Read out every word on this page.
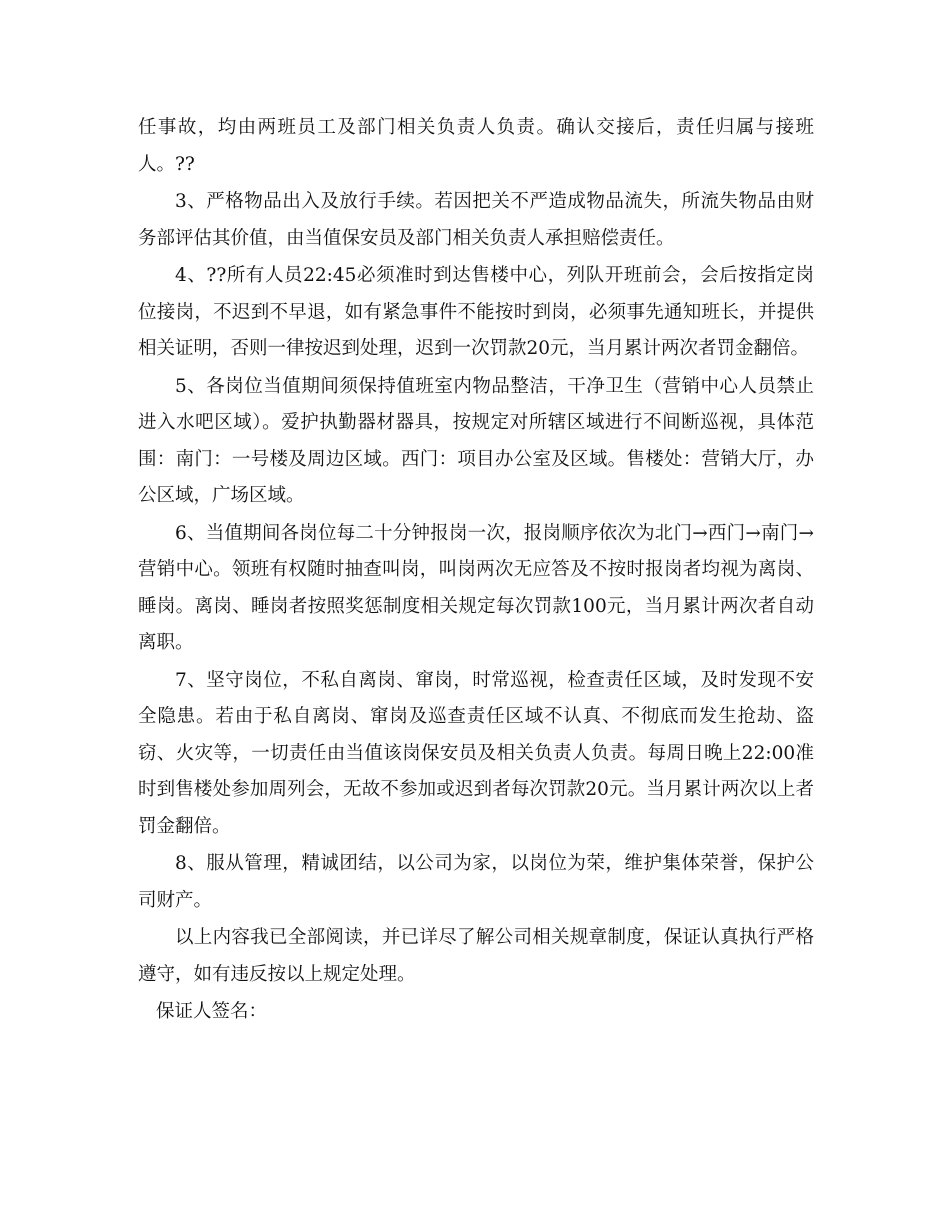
任事故，均由两班员工及部门相关负责人负责。确认交接后，责任归属与接班人。??

3、严格物品出入及放行手续。若因把关不严造成物品流失，所流失物品由财务部评估其价值，由当值保安员及部门相关负责人承担赔偿责任。

4、??所有人员22:45必须准时到达售楼中心，列队开班前会，会后按指定岗位接岗，不迟到不早退，如有紧急事件不能按时到岗，必须事先通知班长，并提供相关证明，否则一律按迟到处理，迟到一次罚款20元，当月累计两次者罚金翻倍。

5、各岗位当值期间须保持值班室内物品整洁，干净卫生（营销中心人员禁止进入水吧区域）。爱护执勤器材器具，按规定对所辖区域进行不间断巡视，具体范围：南门：一号楼及周边区域。西门：项目办公室及区域。售楼处：营销大厅，办公区域，广场区域。

6、当值期间各岗位每二十分钟报岗一次，报岗顺序依次为北门→西门→南门→营销中心。领班有权随时抽查叫岗，叫岗两次无应答及不按时报岗者均视为离岗、睡岗。离岗、睡岗者按照奖惩制度相关规定每次罚款100元，当月累计两次者自动离职。

7、坚守岗位，不私自离岗、窜岗，时常巡视，检查责任区域，及时发现不安全隐患。若由于私自离岗、窜岗及巡查责任区域不认真、不彻底而发生抢劫、盗窃、火灾等，一切责任由当值该岗保安员及相关负责人负责。每周日晚上22:00准时到售楼处参加周列会，无故不参加或迟到者每次罚款20元。当月累计两次以上者罚金翻倍。

8、服从管理，精诚团结，以公司为家，以岗位为荣，维护集体荣誉，保护公司财产。

以上内容我已全部阅读，并已详尽了解公司相关规章制度，保证认真执行严格遵守，如有违反按以上规定处理。

保证人签名：
